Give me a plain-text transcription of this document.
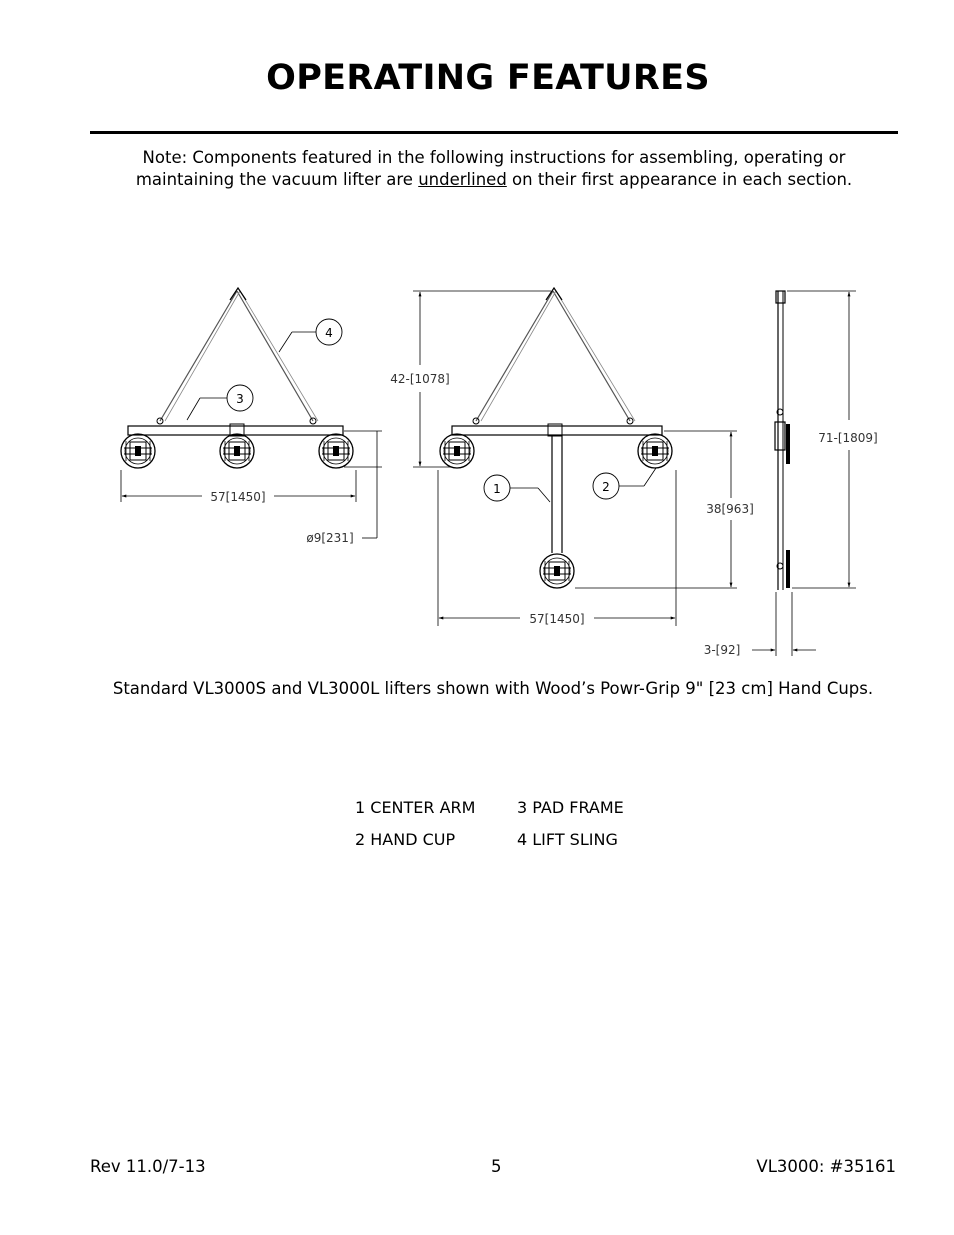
OPERATING FEATURES
Note: Components featured in the following instructions for assembling, operating or maintaining the vacuum lifter are underlined on their first appearance in each section.
4
3
57[1450]
ø9[231]
1	2
42-[1078]
38[963]
57[1450]
71-[1809]
3-[92]
Standard VL3000S and VL3000L lifters shown with Wood’s Powr-Grip 9" [23 cm] Hand Cups.
1 CENTER ARM	3 PAD FRAME
2 HAND CUP	4 LIFT SLING
Rev 11.0/7-13	5	VL3000: #35161
